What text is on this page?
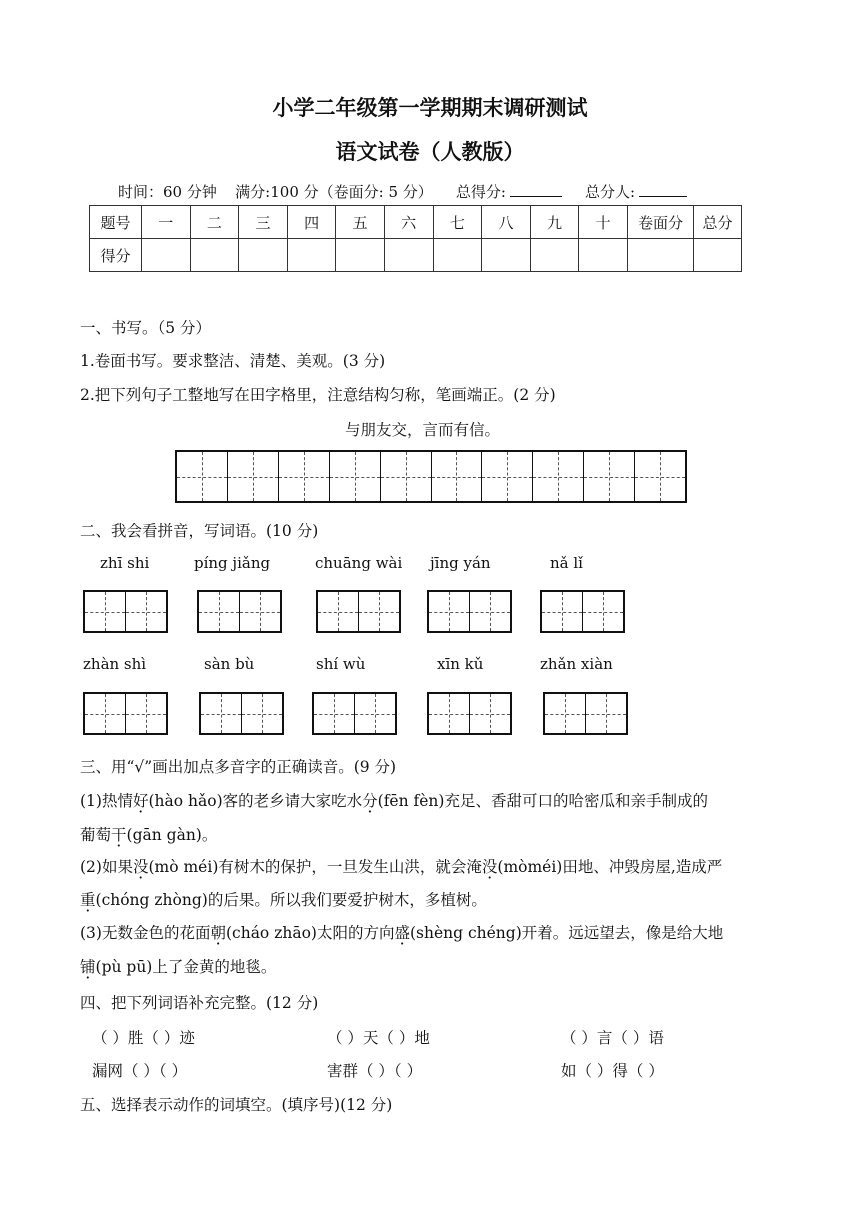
小学二年级第一学期期末调研测试
语文试卷（人教版）
时间：60 分钟 满分:100 分（卷面分: 5 分） 总得分:	总分人:
题号	一	二	三	四	五	六	七	八	九	十	卷面分	总分
得分												
一、书写。（5 分）
1.卷面书写。要求整洁、清楚、美观。(3 分)
2.把下列句子工整地写在田字格里，注意结构匀称，笔画端正。(2 分)
与朋友交，言而有信。
二、我会看拼音，写词语。(10 分)
zhī shi	píng jiǎng	chuāng wài jīng yán	nǎ lǐ
zhàn shì	sàn bù	shí wù	xīn kǔ	zhǎn xiàn
三、用“√”画出加点多音字的正确读音。(9 分)
(1)热情好(hào hǎo)客的老乡请大家吃水分(fēn fèn)充足、香甜可口的哈密瓜和亲手制成的
葡萄干(gān gàn)。
(2)如果没(mò méi)有树木的保护，一旦发生山洪，就会淹没(mòméi)田地、冲毁房屋,造成严
重(chóng zhòng)的后果。所以我们要爱护树木，多植树。
(3)无数金色的花面朝(cháo zhāo)太阳的方向盛(shèng chéng)开着。远远望去，像是给大地
铺(pù pū)上了金黄的地毯。
四、把下列词语补充完整。(12 分)
（ ）胜（ ）迹	（ ）天（ ）地	（ ）言（ ）语
漏网（ ）（ ）	害群（ ）（ ）	如（ ）得（ ）
五、选择表示动作的词填空。(填序号)(12 分)
